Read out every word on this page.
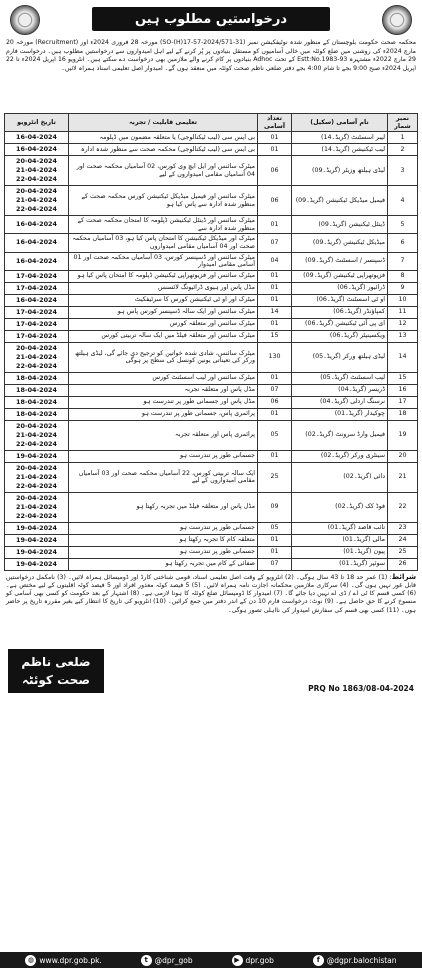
درخواستیں مطلوب ہیں
محکمہ صحت حکومت بلوچستان کے منظور شدہ نوٹیفکیشن نمبر (SO-(H)17-57-2024/571-31) مورخہ 28 فروری 2024ء اور (Recruitment) مورخہ 20 مارچ 2024ء کی روشنی میں ضلع کوئٹہ میں خالی آسامیوں کو مستقل بنیادوں پر پُر کرنے کے لیے اہل امیدواروں سے درخواستیں مطلوب ہیں۔ درخواست فارم 29 مارچ 2022ء مشتہرہ Estt:No.1983-93 کے تحت Adhoc بنیادوں پر کام کرنے والے ملازمین بھی درخواست دے سکتے ہیں۔ انٹرویو 16 اپریل 2024ء تا 22 اپریل 2024ء صبح 9:00 بجے تا شام 4:00 بجے دفتر ضلعی ناظم صحت کوئٹہ میں منعقد ہوں گے۔ امیدوار اصل تعلیمی اسناد ہمراہ لائیں۔
نمبر شمار	نام آسامی (سکیل)	تعداد آسامی	تعلیمی قابلیت / تجربہ	تاریخ انٹرویو
1	لیبر اسسٹنٹ (گریڈ۔14)	01	بی ایس سی (لیب ٹیکنالوجی) یا متعلقہ مضمون میں ڈپلومہ	16-04-2024

2	لیب ٹیکنیشن (گریڈ۔14)	01	بی ایس سی (لیب ٹیکنالوجی) محکمہ صحت سے منظور شدہ ادارہ	16-04-2024

3	لیڈی ہیلتھ وزیٹر (گریڈ۔09)	06	میٹرک سائنس اور ایل ایچ وی کورس، 02 آسامیاں محکمہ صحت اور 04 آسامیاں مقامی امیدواروں کے لیے	20-04-2024
21-04-2024
22-04-2024

4	فیمیل میڈیکل ٹیکنیشن (گریڈ۔09)	06	میٹرک سائنس اور فیمیل میڈیکل ٹیکنیشن کورس محکمہ صحت کے منظور شدہ ادارہ سے پاس کیا ہو	20-04-2024
21-04-2024
22-04-2024

5	ڈینٹل ٹیکنیشن (گریڈ۔09)	01	میٹرک سائنس اور ڈینٹل ٹیکنیشن ڈپلومہ کا امتحان محکمہ صحت کے منظور شدہ ادارہ سے	16-04-2024

6	میڈیکل ٹیکنیشن (گریڈ۔09)	07	میٹرک اور میڈیکل ٹیکنیشن کا امتحان پاس کیا ہو، 03 آسامیاں محکمہ صحت اور 04 آسامیاں مقامی امیدواروں	16-04-2024

7	ڈسپنسر / اسسٹنٹ (گریڈ۔09)	04	میٹرک سائنس اور ڈسپنسر کورس، 03 آسامیاں محکمہ صحت اور 01 آسامی مقامی امیدوار	16-04-2024

8	فزیوتھراپی ٹیکنیشن (گریڈ۔09)	01	میٹرک سائنس اور فزیوتھراپی ٹیکنیشن ڈپلومہ کا امتحان پاس کیا ہو	17-04-2024

9	ڈرائیور (گریڈ۔06)	01	مڈل پاس اور ہیوی ڈرائیونگ لائسنس	17-04-2024

10	او ٹی اسسٹنٹ (گریڈ۔06)	01	میٹرک اور او ٹی ٹیکنیشن کورس کا سرٹیفکیٹ	16-04-2024

11	کمپاؤنڈر (گریڈ۔06)	14	میٹرک سائنس اور ایک سالہ ڈسپنسر کورس پاس ہو	17-04-2024

12	ای پی آئی ٹیکنیشن (گریڈ۔06)	01	میٹرک سائنس اور متعلقہ کورس	17-04-2024

13	ویکسینیٹر (گریڈ۔06)	15	میٹرک سائنس اور متعلقہ فیلڈ میں ایک سالہ تربیتی کورس	17-04-2024

14	لیڈی ہیلتھ ورکر (گریڈ۔05)	130	میٹرک سائنس، شادی شدہ خواتین کو ترجیح دی جائے گی، لیڈی ہیلتھ ورکر کی تعیناتی یونین کونسل کی سطح پر ہوگی	20-04-2024
21-04-2024
22-04-2024

15	لیب اسسٹنٹ (گریڈ۔05)	01	میٹرک سائنس اور لیب اسسٹنٹ کورس	18-04-2024

16	ڈریسر (گریڈ۔04)	07	مڈل پاس اور متعلقہ تجربہ	18-04-2024

17	نرسنگ اردلی (گریڈ۔04)	06	مڈل پاس اور جسمانی طور پر تندرست ہو	18-04-2024

18	چوکیدار (گریڈ۔01)	01	پرائمری پاس، جسمانی طور پر تندرست ہو	18-04-2024

19	فیمیل وارڈ سرونٹ (گریڈ۔02)	05	پرائمری پاس اور متعلقہ تجربہ	20-04-2024
21-04-2024
22-04-2024

20	سینٹری ورکر (گریڈ۔02)	01	جسمانی طور پر تندرست ہو	19-04-2024

21	دائی (گریڈ۔02)	25	ایک سالہ تربیتی کورس، 22 آسامیاں محکمہ صحت اور 03 آسامیاں مقامی امیدواروں کے لیے	20-04-2024
21-04-2024
22-04-2024

22	فوڈ کک (گریڈ۔02)	09	مڈل پاس اور متعلقہ فیلڈ میں تجربہ رکھتا ہو	20-04-2024
21-04-2024
22-04-2024

23	نائب قاصد (گریڈ۔01)	05	جسمانی طور پر تندرست ہو	19-04-2024

24	مالی (گریڈ۔01)	01	متعلقہ کام کا تجربہ رکھتا ہو	19-04-2024

25	پیون (گریڈ۔01)	01	جسمانی طور پر تندرست ہو	19-04-2024

26	سوئپر (گریڈ۔01)	07	صفائی کے کام میں تجربہ رکھتا ہو	19-04-2024
شرائط: (1) عمر حد 18 تا 43 سال ہوگی۔ (2) انٹرویو کے وقت اصل تعلیمی اسناد، قومی شناختی کارڈ اور ڈومیسائل ہمراہ لائیں۔ (3) نامکمل درخواستیں قابل غور نہیں ہوں گی۔ (4) سرکاری ملازمین محکمانہ اجازت نامہ ہمراہ لائیں۔ (5) 5 فیصد کوٹہ معذور افراد اور 5 فیصد کوٹہ اقلیتوں کے لیے مختص ہے۔ (6) کسی قسم کا ٹی اے / ڈی اے نہیں دیا جائے گا۔ (7) امیدوار کا ڈومیسائل ضلع کوئٹہ کا ہونا لازمی ہے۔ (8) اشتہار کے بعد حکومت کو کسی بھی آسامی کو منسوخ کرنے کا حق حاصل ہے۔ (9) نوٹ: درخواست فارم 10 دن کے اندر دفتر میں جمع کرائیں۔ (10) انٹرویو کی تاریخ کا انتظار کیے بغیر مقررہ تاریخ پر حاضر ہوں۔ (11) کسی بھی قسم کی سفارش امیدوار کی نااہلی تصور ہوگی۔
ضلعی ناظم
صحت کوئٹہ
PRQ No 1863/08-04-2024
◍ www.dpr.gob.pk.	t @dpr_gob	▶ dpr.gob	f @dgpr.balochistan
